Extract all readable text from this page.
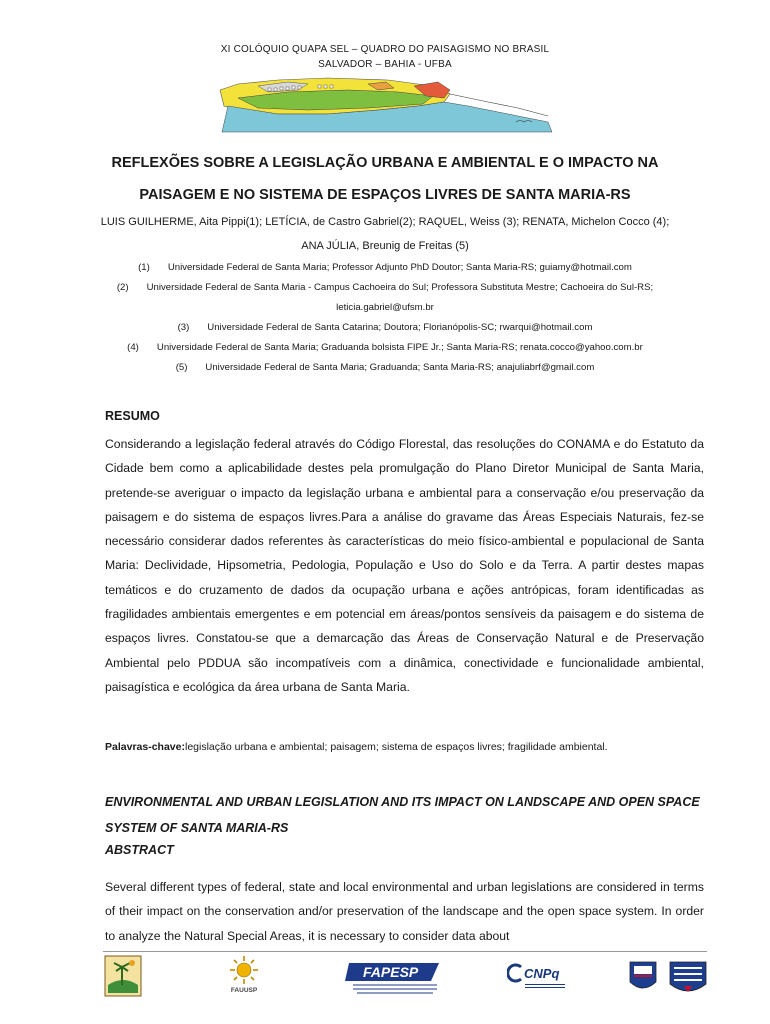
XI COLÓQUIO QUAPA SEL – QUADRO DO PAISAGISMO NO BRASIL
SALVADOR – BAHIA - UFBA
REFLEXÕES SOBRE A LEGISLAÇÃO URBANA E AMBIENTAL E O IMPACTO NA
PAISAGEM E NO SISTEMA DE ESPAÇOS LIVRES DE SANTA MARIA-RS
LUIS GUILHERME, Aita Pippi(1); LETÍCIA, de Castro Gabriel(2); RAQUEL, Weiss (3); RENATA, Michelon Cocco (4);
ANA JÚLIA, Breunig de Freitas (5)
(1) Universidade Federal de Santa Maria; Professor Adjunto PhD Doutor; Santa Maria-RS; guiamy@hotmail.com
(2) Universidade Federal de Santa Maria - Campus Cachoeira do Sul; Professora Substituta Mestre; Cachoeira do Sul-RS;
leticia.gabriel@ufsm.br
(3) Universidade Federal de Santa Catarina; Doutora; Florianópolis-SC; rwarqui@hotmail.com
(4) Universidade Federal de Santa Maria; Graduanda bolsista FIPE Jr.; Santa Maria-RS; renata.cocco@yahoo.com.br
(5) Universidade Federal de Santa Maria; Graduanda; Santa Maria-RS; anajuliabrf@gmail.com
RESUMO
Considerando a legislação federal através do Código Florestal, das resoluções do CONAMA e do Estatuto da Cidade bem como a aplicabilidade destes pela promulgação do Plano Diretor Municipal de Santa Maria, pretende-se averiguar o impacto da legislação urbana e ambiental para a conservação e/ou preservação da paisagem e do sistema de espaços livres.Para a análise do gravame das Áreas Especiais Naturais, fez-se necessário considerar dados referentes às características do meio físico-ambiental e populacional de Santa Maria: Declividade, Hipsometria, Pedologia, População e Uso do Solo e da Terra. A partir destes mapas temáticos e do cruzamento de dados da ocupação urbana e ações antrópicas, foram identificadas as fragilidades ambientais emergentes e em potencial em áreas/pontos sensíveis da paisagem e do sistema de espaços livres. Constatou-se que a demarcação das Áreas de Conservação Natural e de Preservação Ambiental pelo PDDUA são incompatíveis com a dinâmica, conectividade e funcionalidade ambiental, paisagística e ecológica da área urbana de Santa Maria.
Palavras-chave:legislação urbana e ambiental; paisagem; sistema de espaços livres; fragilidade ambiental.
ENVIRONMENTAL AND URBAN LEGISLATION AND ITS IMPACT ON LANDSCAPE AND OPEN SPACE SYSTEM OF SANTA MARIA-RS
ABSTRACT
Several different types of federal, state and local environmental and urban legislations are considered in terms of their impact on the conservation and/or preservation of the landscape and the open space system. In order to analyze the Natural Special Areas, it is necessary to consider data about
FAUUSP
FAPESP	CNPq
